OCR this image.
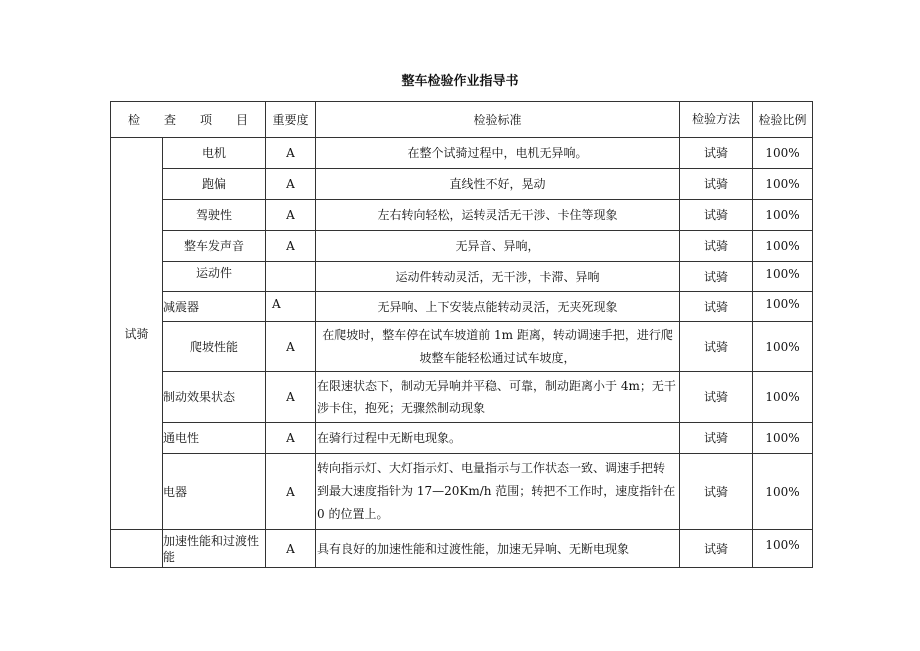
整车检验作业指导书
检　　查　　项　　目		重要度	检验标准	检验方法	检验比例
试骑	电机	A	在整个试骑过程中，电机无异响。	试骑	100%
	跑偏	A	直线性不好，晃动	试骑	100%
	驾驶性	A	左右转向轻松，运转灵活无干涉、卡住等现象	试骑	100%
	整车发声音	A	无异音、异响，	试骑	100%
	运动件		运动件转动灵活，无干涉，卡滞、异响	试骑	100%
	减震器	A	无异响、上下安装点能转动灵活，无夹死现象	试骑	100%
	爬坡性能	A	在爬坡时，整车停在试车坡道前 1m 距离，转动调速手把，进行爬坡整车能轻松通过试车坡度，	试骑	100%
	制动效果状态	A	在限速状态下，制动无异响并平稳、可靠，制动距离小于 4m；无干涉卡住，抱死；无骤然制动现象	试骑	100%
	通电性	A	在骑行过程中无断电现象。	试骑	100%
	电器	A	转向指示灯、大灯指示灯、电量指示与工作状态一致、调速手把转到最大速度指针为 17—20Km/h 范围；转把不工作时，速度指针在 0 的位置上。	试骑	100%
	加速性能和过渡性能	A	具有良好的加速性能和过渡性能，加速无异响、无断电现象	试骑	100%
